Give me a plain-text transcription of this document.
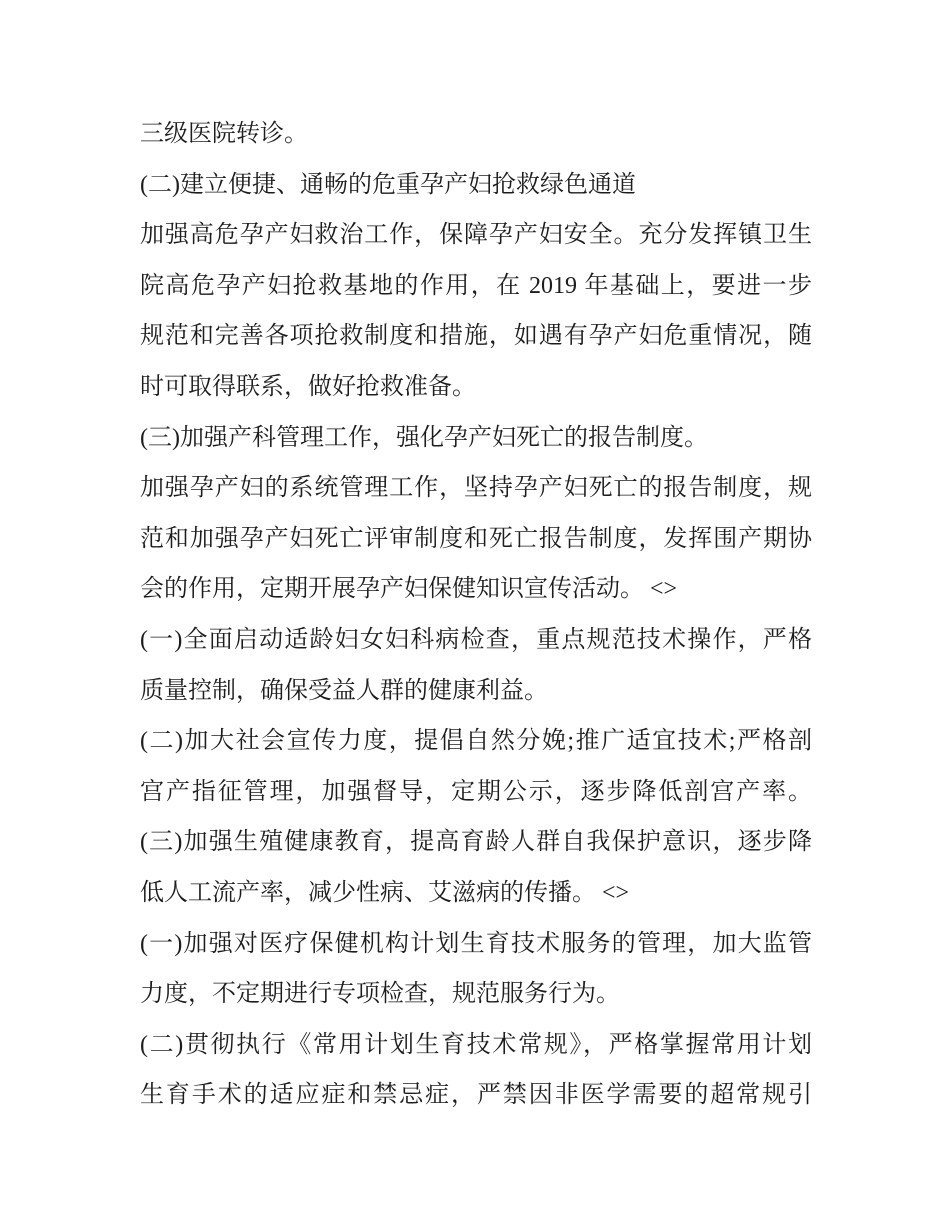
三级医院转诊。
(二)建立便捷、通畅的危重孕产妇抢救绿色通道
加强高危孕产妇救治工作，保障孕产妇安全。充分发挥镇卫生
院高危孕产妇抢救基地的作用，在 2019 年基础上，要进一步
规范和完善各项抢救制度和措施，如遇有孕产妇危重情况，随
时可取得联系，做好抢救准备。
(三)加强产科管理工作，强化孕产妇死亡的报告制度。
加强孕产妇的系统管理工作，坚持孕产妇死亡的报告制度，规
范和加强孕产妇死亡评审制度和死亡报告制度，发挥围产期协
会的作用，定期开展孕产妇保健知识宣传活动。 <>
(一)全面启动适龄妇女妇科病检查，重点规范技术操作，严格
质量控制，确保受益人群的健康利益。
(二)加大社会宣传力度，提倡自然分娩;推广适宜技术;严格剖
宫产指征管理，加强督导，定期公示，逐步降低剖宫产率。
(三)加强生殖健康教育，提高育龄人群自我保护意识，逐步降
低人工流产率，减少性病、艾滋病的传播。 <>
(一)加强对医疗保健机构计划生育技术服务的管理，加大监管
力度，不定期进行专项检查，规范服务行为。
(二)贯彻执行《常用计划生育技术常规》，严格掌握常用计划
生育手术的适应症和禁忌症，严禁因非医学需要的超常规引
